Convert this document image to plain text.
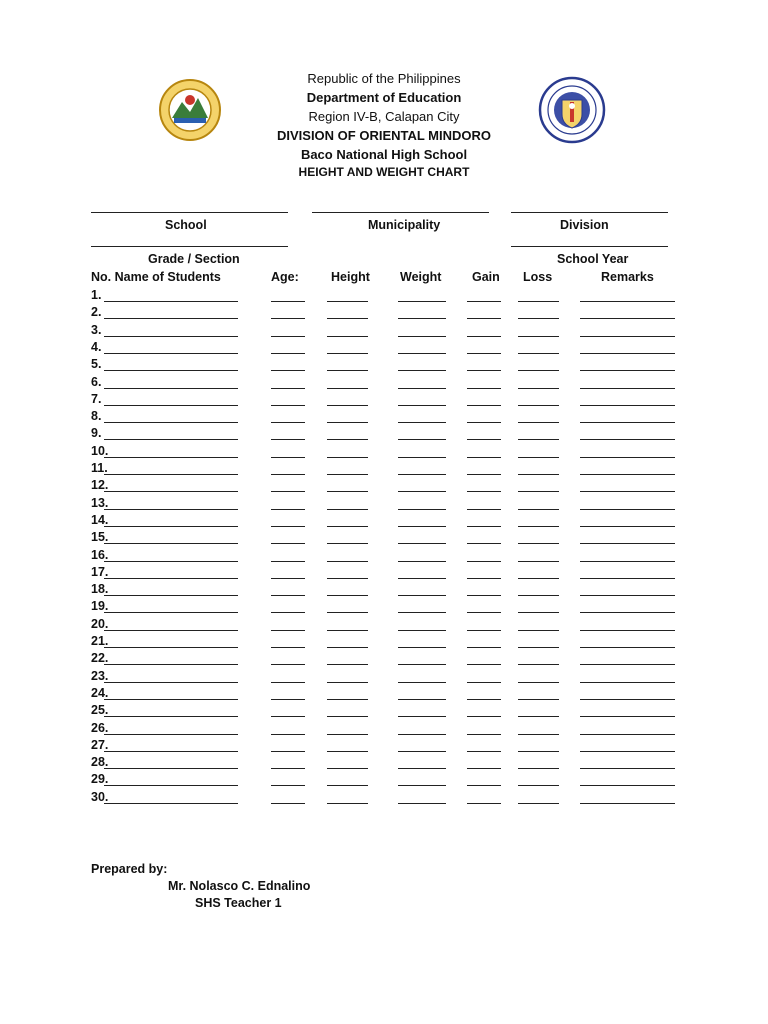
Republic of the Philippines
Department of Education
Region IV-B, Calapan City
DIVISION OF ORIENTAL MINDORO
Baco National High School
HEIGHT AND WEIGHT CHART
School	Municipality	Division
Grade / Section	School Year
No. Name of Students	Age:	Height Weight Gain Loss	Remarks
1.
2.
3.
4.
5.
6.
7.
8.
9.
10.
11.
12.
13.
14.
15.
16.
17.
18.
19.
20.
21.
22.
23.
24.
25.
26.
27.
28.
29.
30.
Prepared by:
Mr. Nolasco C. Ednalino
SHS Teacher 1
